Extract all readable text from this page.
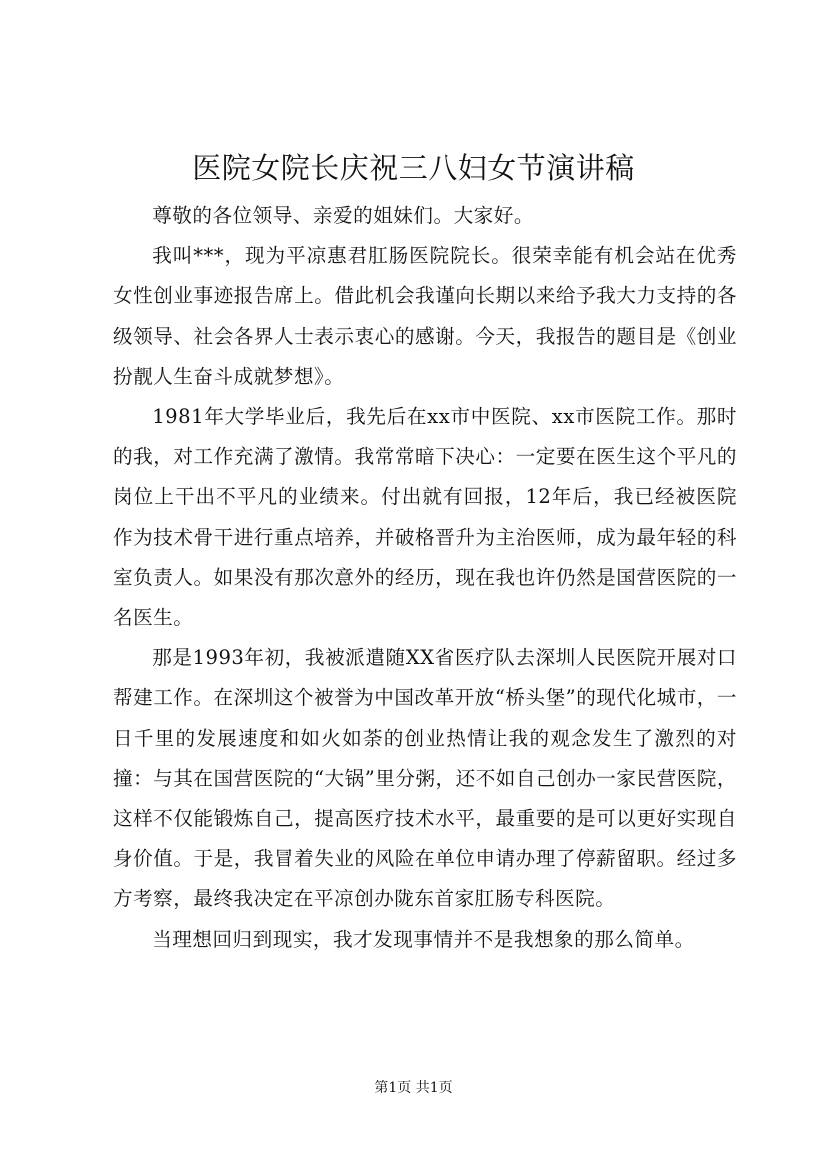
医院女院长庆祝三八妇女节演讲稿

尊敬的各位领导、亲爱的姐妹们。大家好。

我叫***，现为平凉惠君肛肠医院院长。很荣幸能有机会站在优秀女性创业事迹报告席上。借此机会我谨向长期以来给予我大力支持的各级领导、社会各界人士表示衷心的感谢。今天，我报告的题目是《创业扮靓人生奋斗成就梦想》。

1981年大学毕业后，我先后在xx市中医院、xx市医院工作。那时的我，对工作充满了激情。我常常暗下决心：一定要在医生这个平凡的岗位上干出不平凡的业绩来。付出就有回报，12年后，我已经被医院作为技术骨干进行重点培养，并破格晋升为主治医师，成为最年轻的科室负责人。如果没有那次意外的经历，现在我也许仍然是国营医院的一名医生。

那是1993年初，我被派遣随XX省医疗队去深圳人民医院开展对口帮建工作。在深圳这个被誉为中国改革开放“桥头堡”的现代化城市，一日千里的发展速度和如火如荼的创业热情让我的观念发生了激烈的对撞：与其在国营医院的“大锅”里分粥，还不如自己创办一家民营医院，这样不仅能锻炼自己，提高医疗技术水平，最重要的是可以更好实现自身价值。于是，我冒着失业的风险在单位申请办理了停薪留职。经过多方考察，最终我决定在平凉创办陇东首家肛肠专科医院。

当理想回归到现实，我才发现事情并不是我想象的那么简单。

第1页 共1页
